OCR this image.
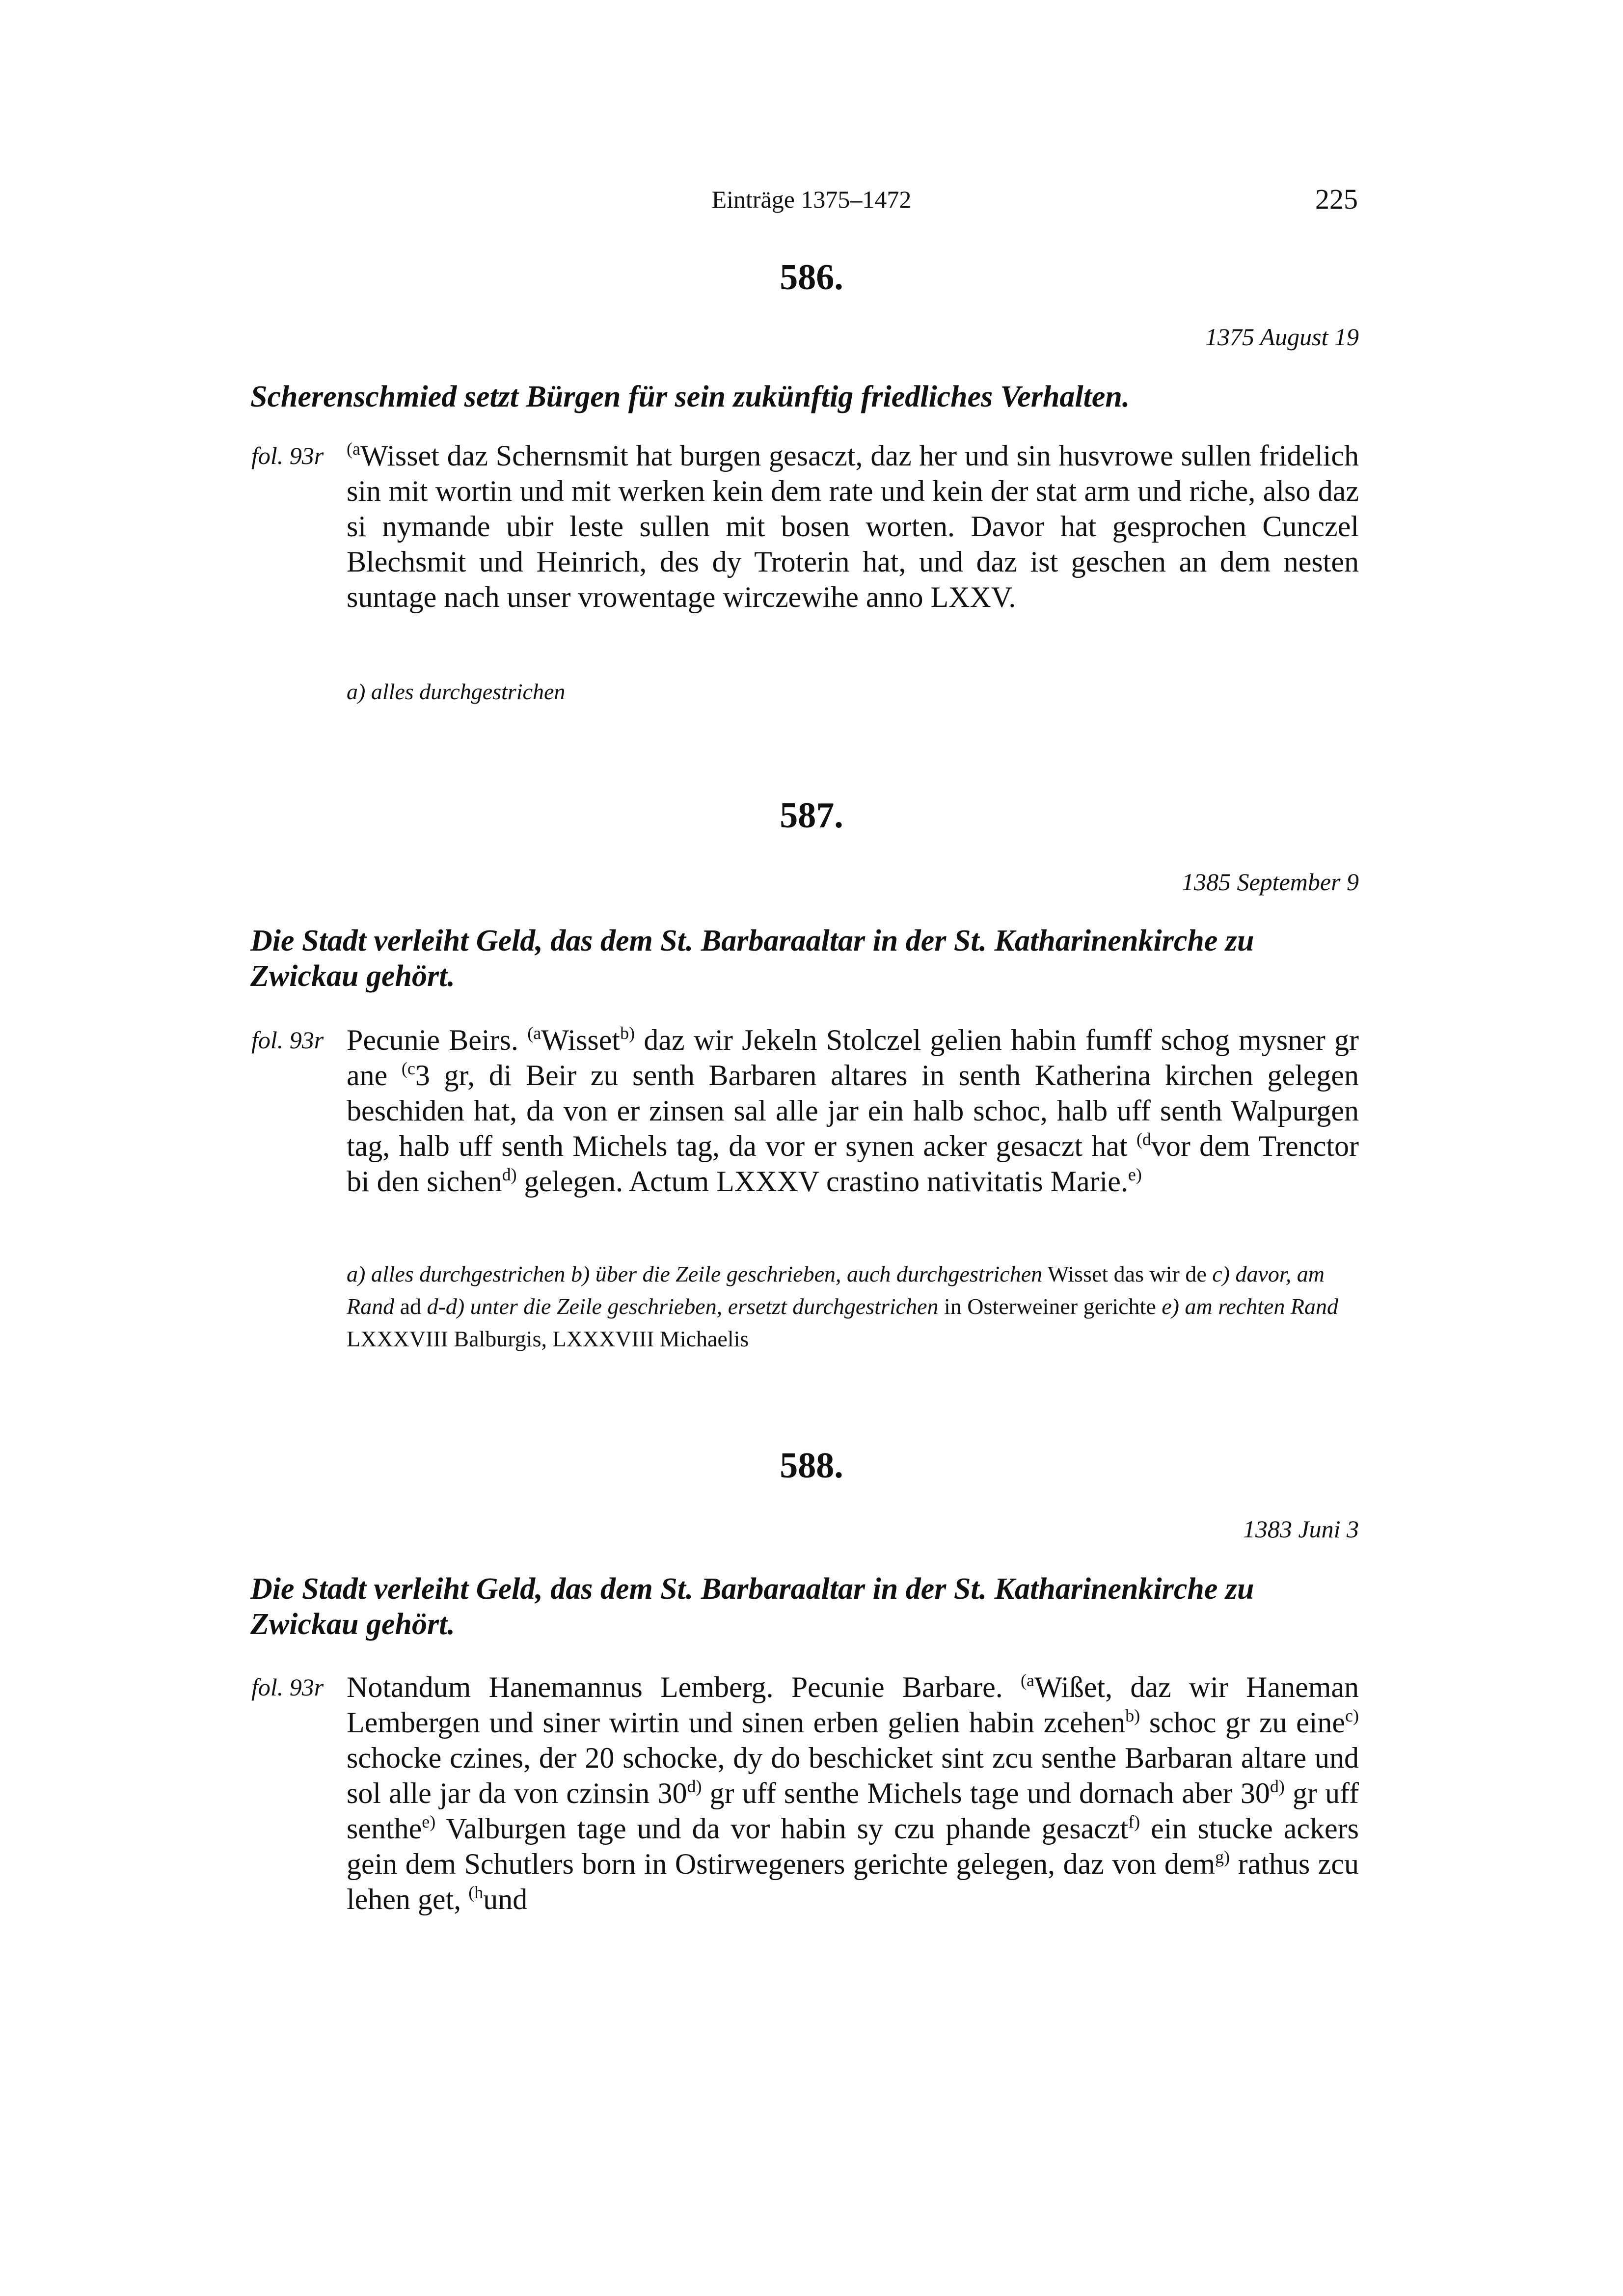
Einträge 1375–1472	225
586.
1375 August 19
Scherenschmied setzt Bürgen für sein zukünftig friedliches Verhalten.
fol. 93r $^{(a}$Wisset daz Schernsmit hat burgen gesaczt, daz her und sin husvrowe sullen fridelich sin mit wortin und mit werken kein dem rate und kein der stat arm und riche, also daz si nymande ubir leste sullen mit bosen worten. Davor hat gesprochen Cunczel Blechsmit und Heinrich, des dy Troterin hat, und daz ist geschen an dem nesten suntage nach unser vrowentage wirczewihe anno LXXV.

a) alles durchgestrichen
587.
1385 September 9
Die Stadt verleiht Geld, das dem St. Barbaraaltar in der St. Katharinenkirche zu Zwickau gehört.
fol. 93r Pecunie Beirs. $^{(a}$Wisset$^{b)}$ daz wir Jekeln Stolczel gelien habin fumff schog mysner gr ane $^{(c}$3 gr, di Beir zu senth Barbaren altares in senth Katherina kirchen gelegen beschiden hat, da von er zinsen sal alle jar ein halb schoc, halb uff senth Walpurgen tag, halb uff senth Michels tag, da vor er synen acker gesaczt hat $^{(d}$vor dem Trenctor bi den sichen$^{d)}$ gelegen. Actum LXXXV crastino nativitatis Marie.$^{e)}$

a) alles durchgestrichen b) über die Zeile geschrieben, auch durchgestrichen Wisset das wir de c) davor, am Rand ad d-d) unter die Zeile geschrieben, ersetzt durchgestrichen in Osterweiner gerichte e) am rechten Rand LXXXVIII Balburgis, LXXXVIII Michaelis
588.
1383 Juni 3
Die Stadt verleiht Geld, das dem St. Barbaraaltar in der St. Katharinenkirche zu Zwickau gehört.
fol. 93r Notandum Hanemannus Lemberg. Pecunie Barbare. $^{(a}$Wißet, daz wir Haneman Lembergen und siner wirtin und sinen erben gelien habin zcehen$^{b)}$ schoc gr zu eine$^{c)}$ schocke czines, der 20 schocke, dy do beschicket sint zcu senthe Barbaran altare und sol alle jar da von czinsin 30$^{d)}$ gr uff senthe Michels tage und dornach aber 30$^{d)}$ gr uff senthe$^{e)}$ Valburgen tage und da vor habin sy czu phande gesaczt$^{f)}$ ein stucke ackers gein dem Schutlers born in Ostirwegeners gerichte gelegen, daz von dem$^{g)}$ rathus zcu lehen get, $^{(h}$und
